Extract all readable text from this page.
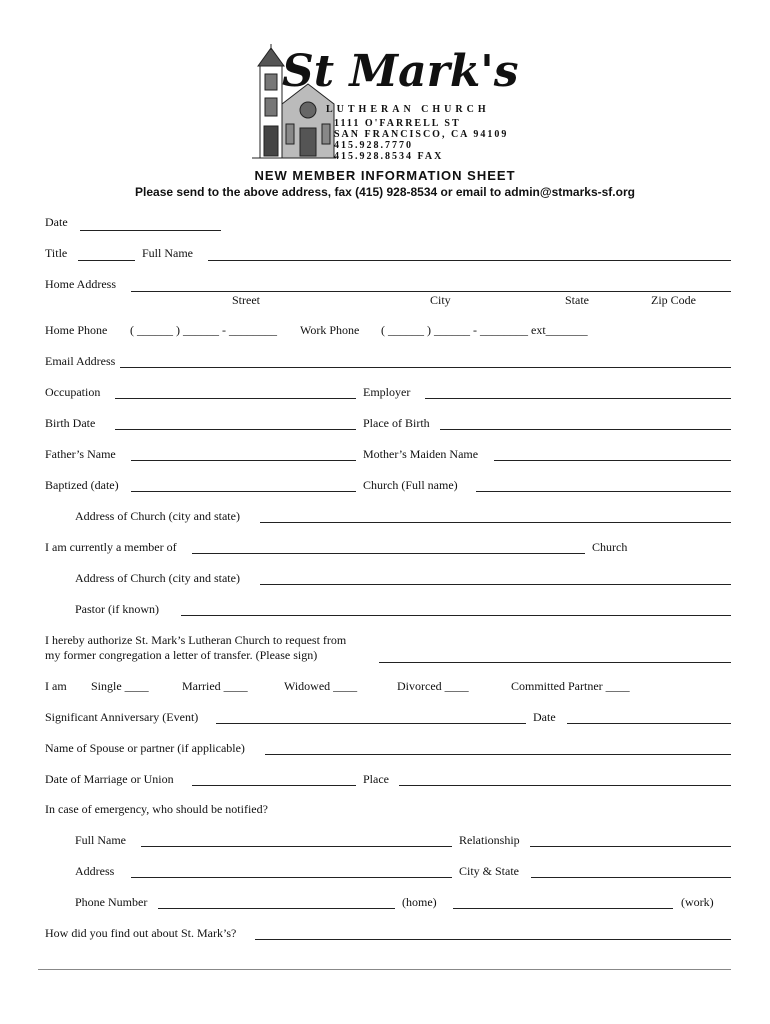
St Mark's
LUTHERAN CHURCH
1111 O'FARRELL ST
SAN FRANCISCO, CA 94109
415.928.7770
415.928.8534 FAX
NEW MEMBER INFORMATION SHEET
Please send to the above address, fax (415) 928-8534 or email to admin@stmarks-sf.org
Date
Title	Full Name
Home Address
Street	City	State	Zip Code
Home Phone ( ______ ) ______ - ________ Work Phone ( ______ ) ______ - ________ ext_______
Email Address
Occupation	Employer
Birth Date	Place of Birth
Father’s Name	Mother’s Maiden Name
Baptized (date)	Church (Full name)
Address of Church (city and state)
I am currently a member of	Church
Address of Church (city and state)
Pastor (if known)
I hereby authorize St. Mark’s Lutheran Church to request from
my former congregation a letter of transfer. (Please sign)
I am Single ____	Married ____	Widowed ____	Divorced ____	Committed Partner ____
Significant Anniversary (Event)	Date
Name of Spouse or partner (if applicable)
Date of Marriage or Union	Place
In case of emergency, who should be notified?
Full Name	Relationship
Address	City & State
Phone Number	(home)	(work)
How did you find out about St. Mark’s?
